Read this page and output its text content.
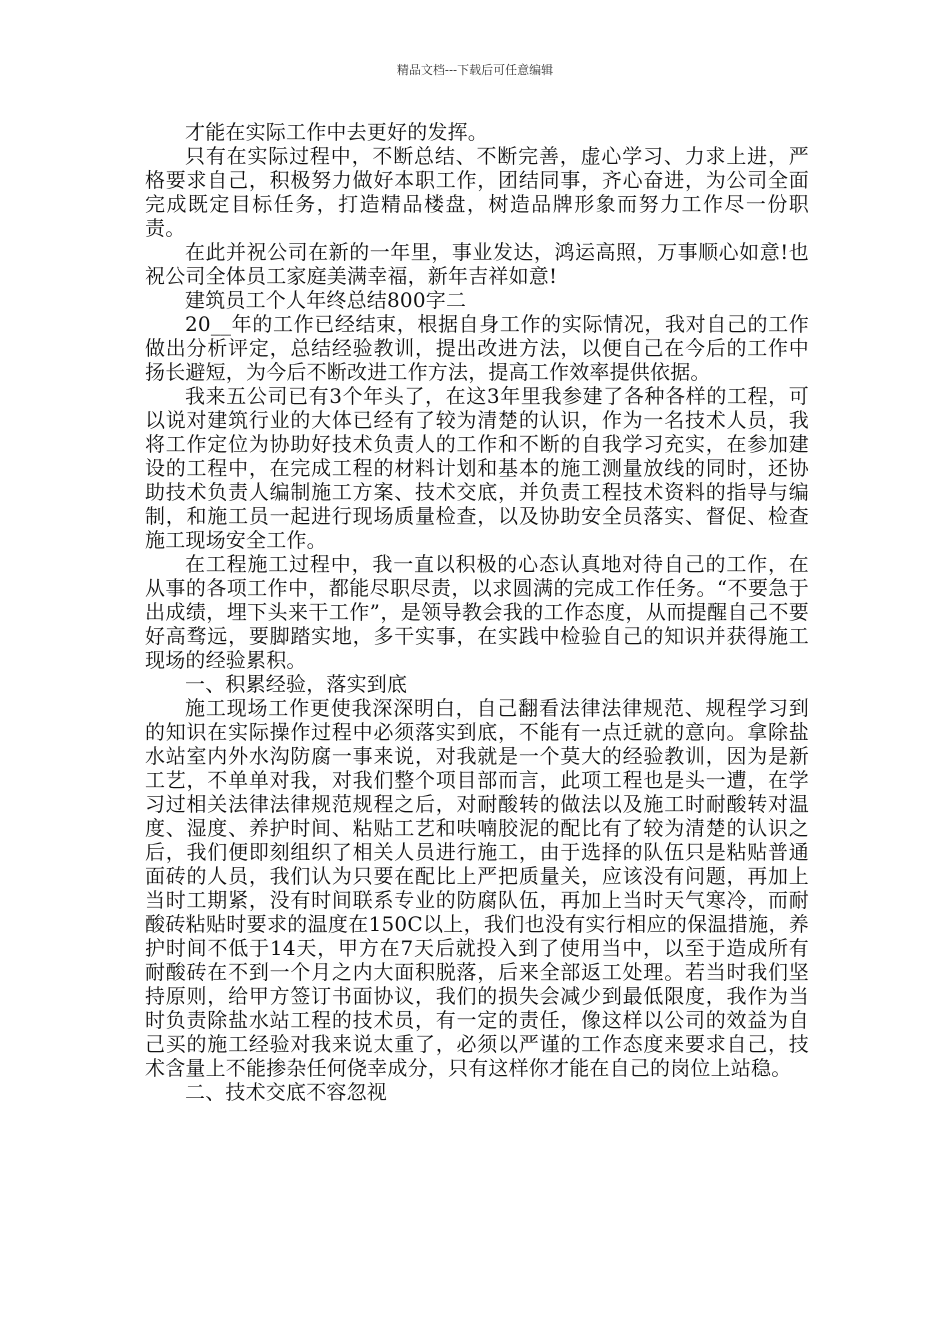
精品文档---下载后可任意编辑

才能在实际工作中去更好的发挥。

只有在实际过程中，不断总结、不断完善，虚心学习、力求上进，严格要求自己，积极努力做好本职工作，团结同事，齐心奋进，为公司全面完成既定目标任务，打造精品楼盘，树造品牌形象而努力工作尽一份职责。

在此并祝公司在新的一年里，事业发达，鸿运高照，万事顺心如意!也祝公司全体员工家庭美满幸福，新年吉祥如意!

建筑员工个人年终总结800字二

20__年的工作已经结束，根据自身工作的实际情况，我对自己的工作做出分析评定，总结经验教训，提出改进方法，以便自己在今后的工作中扬长避短，为今后不断改进工作方法，提高工作效率提供依据。

我来五公司已有3个年头了，在这3年里我参建了各种各样的工程，可以说对建筑行业的大体已经有了较为清楚的认识，作为一名技术人员，我将工作定位为协助好技术负责人的工作和不断的自我学习充实，在参加建设的工程中，在完成工程的材料计划和基本的施工测量放线的同时，还协助技术负责人编制施工方案、技术交底，并负责工程技术资料的指导与编制，和施工员一起进行现场质量检查，以及协助安全员落实、督促、检查施工现场安全工作。

在工程施工过程中，我一直以积极的心态认真地对待自己的工作，在从事的各项工作中，都能尽职尽责，以求圆满的完成工作任务。“不要急于出成绩，埋下头来干工作”，是领导教会我的工作态度，从而提醒自己不要好高骛远，要脚踏实地，多干实事，在实践中检验自己的知识并获得施工现场的经验累积。

一、积累经验，落实到底

施工现场工作更使我深深明白，自己翻看法律法律规范、规程学习到的知识在实际操作过程中必须落实到底，不能有一点迁就的意向。拿除盐水站室内外水沟防腐一事来说，对我就是一个莫大的经验教训，因为是新工艺，不单单对我，对我们整个项目部而言，此项工程也是头一遭，在学习过相关法律法律规范规程之后，对耐酸转的做法以及施工时耐酸转对温度、湿度、养护时间、粘贴工艺和呋喃胶泥的配比有了较为清楚的认识之后，我们便即刻组织了相关人员进行施工，由于选择的队伍只是粘贴普通面砖的人员，我们认为只要在配比上严把质量关，应该没有问题，再加上当时工期紧，没有时间联系专业的防腐队伍，再加上当时天气寒冷，而耐酸砖粘贴时要求的温度在150C以上，我们也没有实行相应的保温措施，养护时间不低于14天，甲方在7天后就投入到了使用当中，以至于造成所有耐酸砖在不到一个月之内大面积脱落，后来全部返工处理。若当时我们坚持原则，给甲方签订书面协议，我们的损失会减少到最低限度，我作为当时负责除盐水站工程的技术员，有一定的责任，像这样以公司的效益为自己买的施工经验对我来说太重了，必须以严谨的工作态度来要求自己，技术含量上不能掺杂任何侥幸成分，只有这样你才能在自己的岗位上站稳。

二、技术交底不容忽视
